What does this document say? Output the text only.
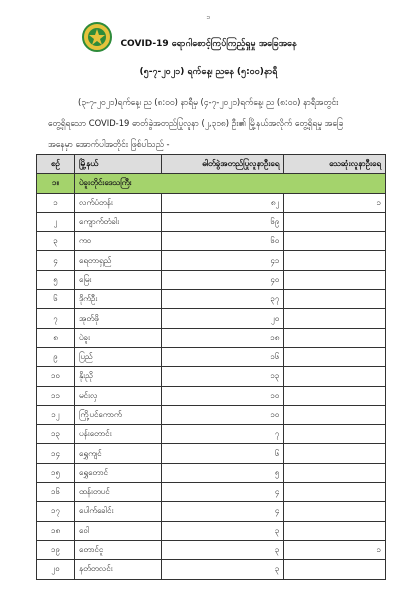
၁
COVID-19 ရောဂါစောင့်ကြပ်ကြည့်ရှုမှု အခြေအနေ
(၅-၇-၂၀၂၁) ရက်နေ့၊ ညနေ (၅:၀၀)နာရီ
(၃-၇-၂၀၂၁)ရက်နေ့၊ ည (၈:၀၀) နာရီမှ (၄-၇-၂၀၂၁)ရက်နေ့၊ ည (၈:၀၀) နာရီအတွင်း
တွေ့ရှိရသော COVID-19 ဓာတ်ခွဲအတည်ပြုလူနာ (၂,၃၁၈) ဦး၏ မြို့နယ်အလိုက် တွေ့ရှိရမှု အခြေ
အနေမှာ အောက်ပါအတိုင်း ဖြစ်ပါသည် -
စဉ်	မြို့နယ်	ဓါတ်ခွဲအတည်ပြုလူနာဦးရေ	သေဆုံးလူနာဦးရေ
၁။	ပဲခူးတိုင်းဒေသကြီး		
၁	လက်ပံတန်း	၈၂	၁
၂	ကျောက်တံခါး	၆၉	
၃	ကဝ	၆၀	
၄	ရေတာရှည်	၄၁	
၅	မြေး	၄၀	
၆	ဒိုက်ဦး	၃၇	
၇	အုတ်ဖို	၂၀	
၈	ပဲခူး	၁၈	
၉	ပြည်	၁၆	
၁၀	နိုးညို	၁၃	
၁၁	မင်းလှ	၁၀	
၁၂	ကြို့ပင်ကောက်	၁၀	
၁၃	ပန်းတောင်း	၇	
၁၄	ရွှေကျင်	၆	
၁၅	ရွှေတောင်	၅	
၁၆	ထန်းတပင်	၄	
၁၇	ပေါက်ခေါင်း	၄	
၁၈	ဝေါ	၃	
၁၉	တောင်ငူ	၃	၁
၂၀	နတ်တလင်း	၃	
